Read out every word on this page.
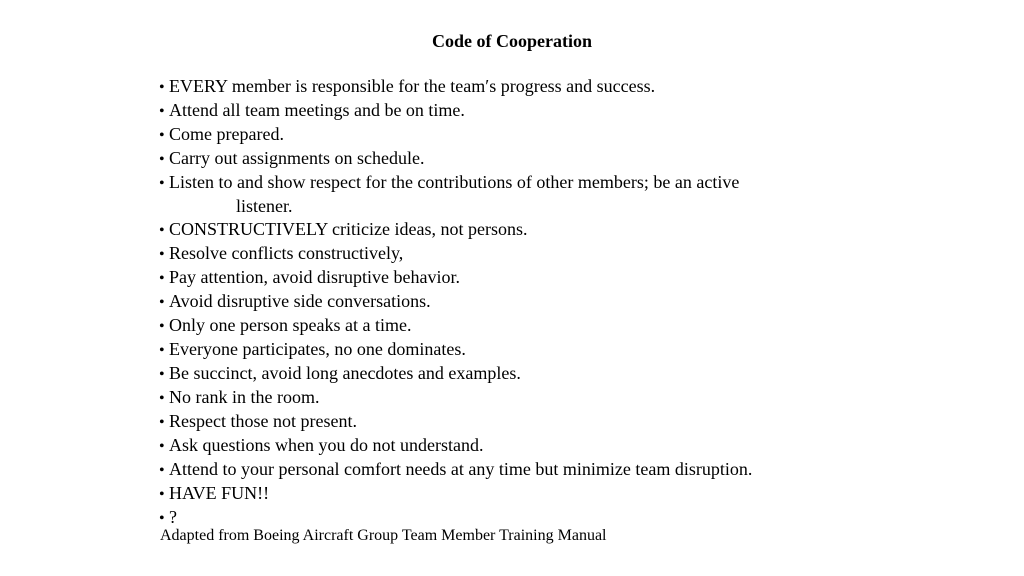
Code of Cooperation
• EVERY member is responsible for the team′s progress and success.
• Attend all team meetings and be on time.
• Come prepared.
• Carry out assignments on schedule.
• Listen to and show respect for the contributions of other members; be an active
listener.
• CONSTRUCTIVELY criticize ideas, not persons.
• Resolve conflicts constructively,
• Pay attention, avoid disruptive behavior.
• Avoid disruptive side conversations.
• Only one person speaks at a time.
• Everyone participates, no one dominates.
• Be succinct, avoid long anecdotes and examples.
• No rank in the room.
• Respect those not present.
• Ask questions when you do not understand.
• Attend to your personal comfort needs at any time but minimize team disruption.
• HAVE FUN!!
• ?
Adapted from Boeing Aircraft Group Team Member Training Manual
